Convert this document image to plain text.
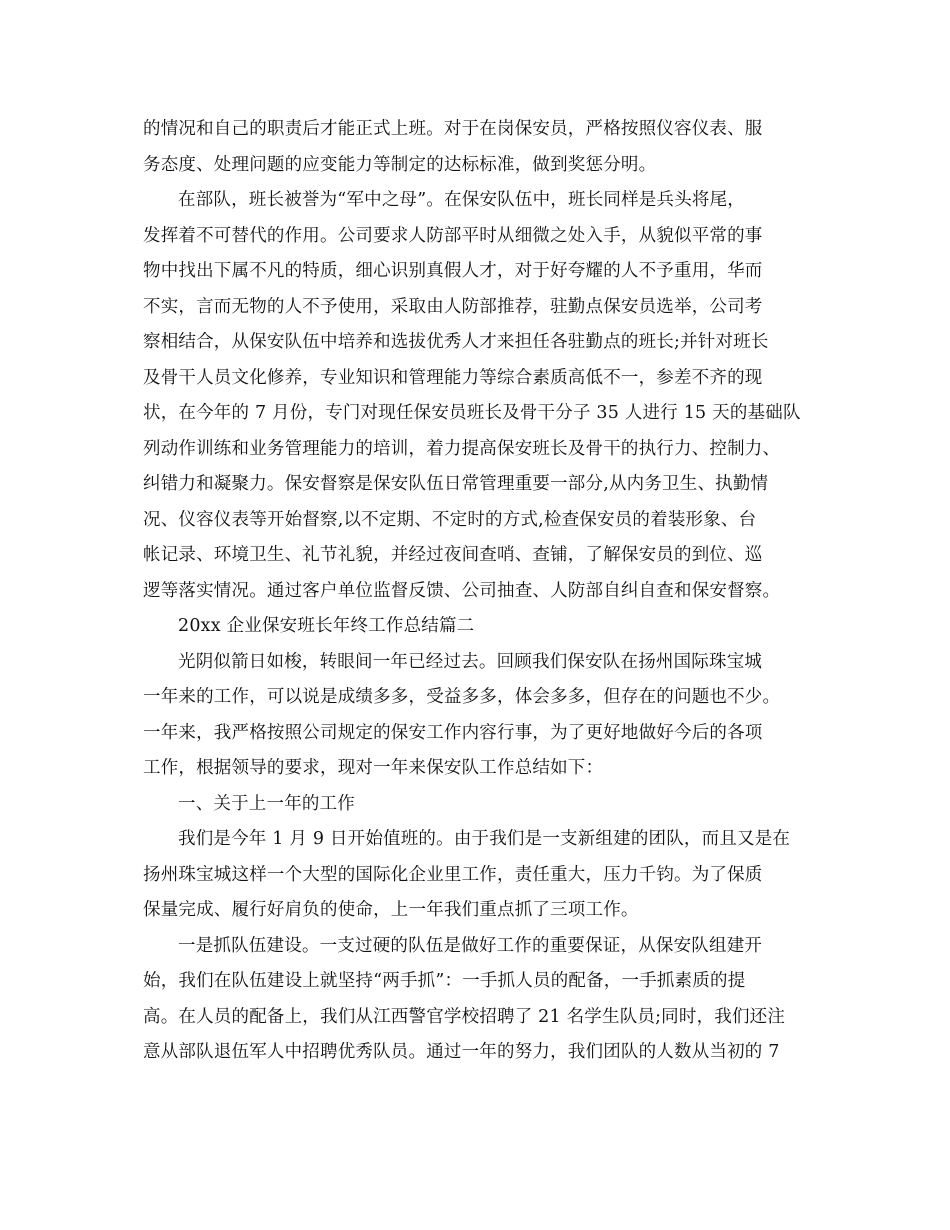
的情况和自己的职责后才能正式上班。对于在岗保安员，严格按照仪容仪表、服
务态度、处理问题的应变能力等制定的达标标准，做到奖惩分明。
在部队，班长被誉为“军中之母”。在保安队伍中，班长同样是兵头将尾，
发挥着不可替代的作用。公司要求人防部平时从细微之处入手，从貌似平常的事
物中找出下属不凡的特质，细心识别真假人才，对于好夸耀的人不予重用，华而
不实，言而无物的人不予使用，采取由人防部推荐，驻勤点保安员选举，公司考
察相结合，从保安队伍中培养和选拔优秀人才来担任各驻勤点的班长;并针对班长
及骨干人员文化修养，专业知识和管理能力等综合素质高低不一，参差不齐的现
状，在今年的 7 月份，专门对现任保安员班长及骨干分子 35 人进行 15 天的基础队
列动作训练和业务管理能力的培训，着力提高保安班长及骨干的执行力、控制力、
纠错力和凝聚力。保安督察是保安队伍日常管理重要一部分,从内务卫生、执勤情
况、仪容仪表等开始督察,以不定期、不定时的方式,检查保安员的着装形象、台
帐记录、环境卫生、礼节礼貌，并经过夜间查哨、查铺，了解保安员的到位、巡
逻等落实情况。通过客户单位监督反馈、公司抽查、人防部自纠自查和保安督察。
20xx 企业保安班长年终工作总结篇二
光阴似箭日如梭，转眼间一年已经过去。回顾我们保安队在扬州国际珠宝城
一年来的工作，可以说是成绩多多，受益多多，体会多多，但存在的问题也不少。
一年来，我严格按照公司规定的保安工作内容行事，为了更好地做好今后的各项
工作，根据领导的要求，现对一年来保安队工作总结如下：
一、关于上一年的工作
我们是今年 1 月 9 日开始值班的。由于我们是一支新组建的团队，而且又是在
扬州珠宝城这样一个大型的国际化企业里工作，责任重大，压力千钧。为了保质
保量完成、履行好肩负的使命，上一年我们重点抓了三项工作。
一是抓队伍建设。一支过硬的队伍是做好工作的重要保证，从保安队组建开
始，我们在队伍建设上就坚持“两手抓”：一手抓人员的配备，一手抓素质的提
高。在人员的配备上，我们从江西警官学校招聘了 21 名学生队员;同时，我们还注
意从部队退伍军人中招聘优秀队员。通过一年的努力，我们团队的人数从当初的 7
